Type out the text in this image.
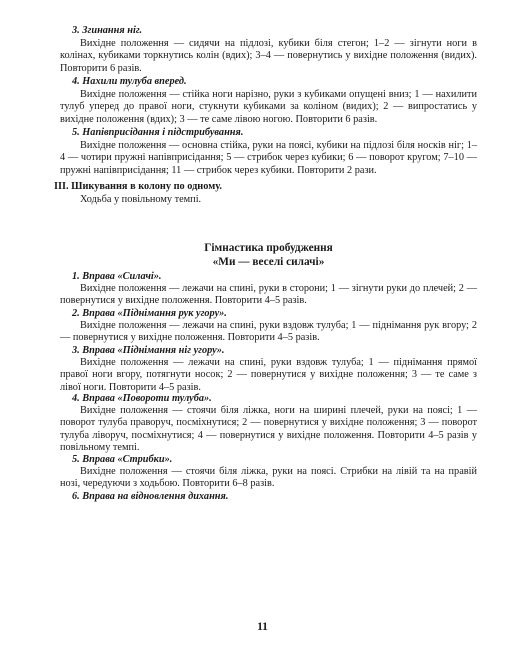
3. Згинання ніг.

Вихідне положення — сидячи на підлозі, кубики біля стегон; 1–2 — зігнути ноги в колінах, кубиками торкнутись колін (вдих); 3–4 — повернутись у вихідне положення (видих). Повторити 6 разів.

4. Нахили тулуба вперед.

Вихідне положення — стійка ноги нарізно, руки з кубиками опущені вниз; 1 — нахилити тулуб уперед до правої ноги, стукнути кубиками за коліном (видих); 2 — випростатись у вихідне положення (вдих); 3 — те саме лівою ногою. Повторити 6 разів.

5. Напівприсідання і підстрибування.

Вихідне положення — основна стійка, руки на поясі, кубики на підлозі біля носків ніг; 1–4 — чотири пружні напівприсідання; 5 — стрибок через кубики; 6 — поворот кругом; 7–10 — пружні напівприсідання; 11 — стрибок через кубики. Повторити 2 рази.

III. Шикування в колону по одному.

Ходьба у повільному темпі.

Гімнастика пробудження

«Ми — веселі силачі»

1. Вправа «Силачі».

Вихідне положення — лежачи на спині, руки в сторони; 1 — зігнути руки до плечей; 2 — повернутися у вихідне положення. Повторити 4–5 разів.

2. Вправа «Піднімання рук угору».

Вихідне положення — лежачи на спині, руки вздовж тулуба; 1 — піднімання рук вгору; 2 — повернутися у вихідне положення. Повторити 4–5 разів.

3. Вправа «Піднімання ніг угору».

Вихідне положення — лежачи на спині, руки вздовж тулуба; 1 — піднімання прямої правої ноги вгору, потягнути носок; 2 — повернутися у вихідне положення; 3 — те саме з лівої ноги. Повторити 4–5 разів.

4. Вправа «Повороти тулуба».

Вихідне положення — стоячи біля ліжка, ноги на ширині плечей, руки на поясі; 1 — поворот тулуба праворуч, посміхнутися; 2 — повернутися у вихідне положення; 3 — поворот тулуба ліворуч, посміхнутися; 4 — повернутися у вихідне положення. Повторити 4–5 разів у повільному темпі.

5. Вправа «Стрибки».

Вихідне положення — стоячи біля ліжка, руки на поясі. Стрибки на лівій та на правій нозі, чередуючи з ходьбою. Повторити 6–8 разів.

6. Вправа на відновлення дихання.

11
